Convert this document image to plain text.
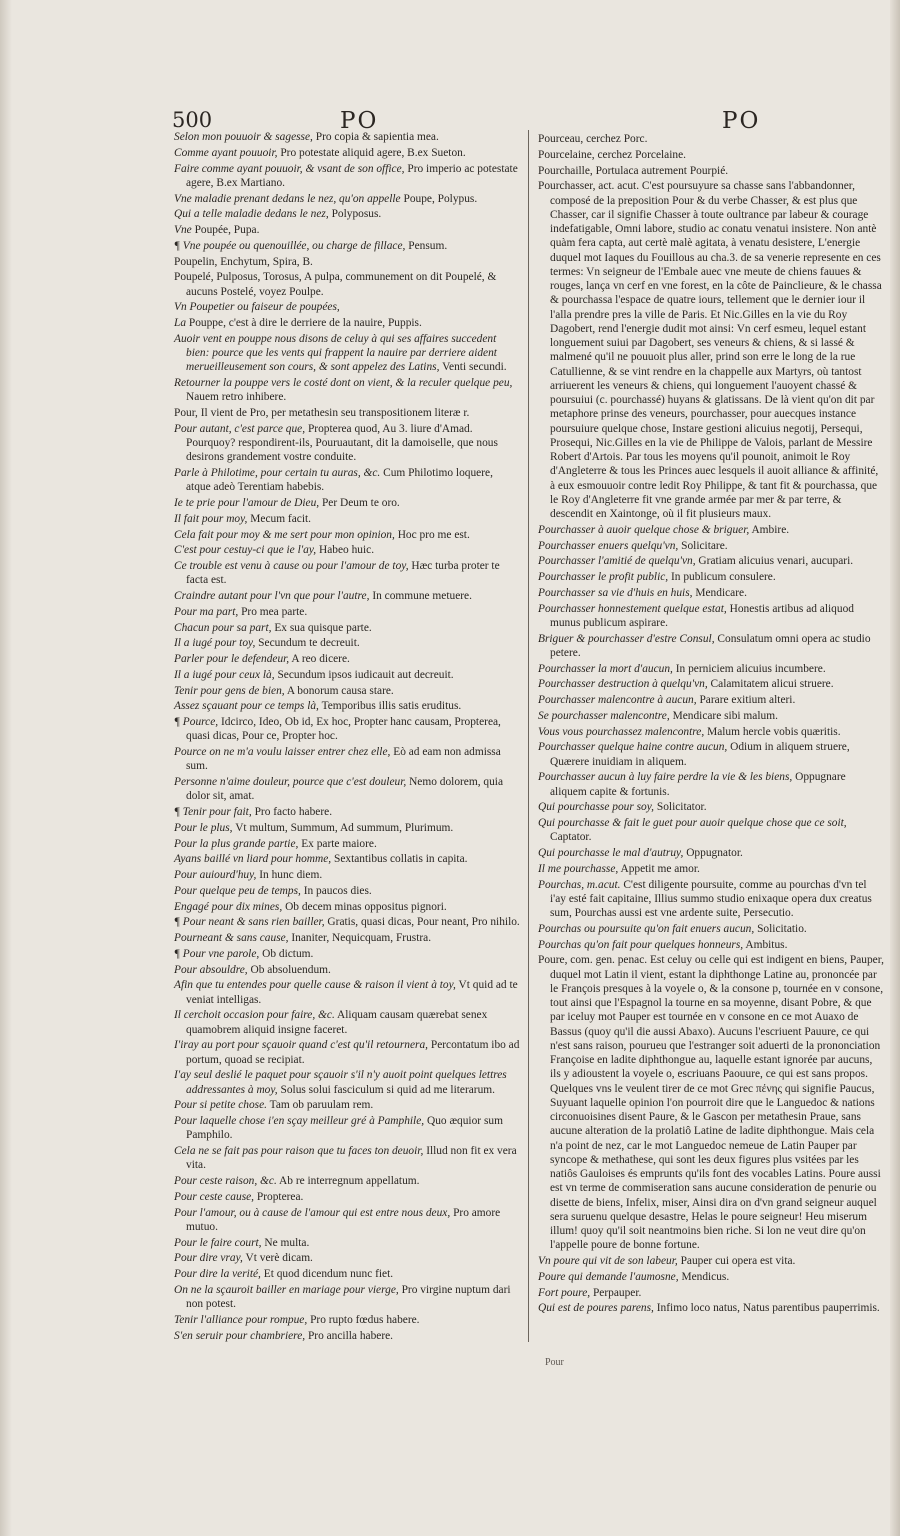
500	PO	PO
Selon mon pouuoir & sagesse, Pro copia & sapientia mea.
Comme ayant pouuoir, Pro potestate aliquid agere, B.ex Sueton.
Faire comme ayant pouuoir, & vsant de son office, Pro imperio ac potestate agere, B.ex Martiano.
Vne maladie prenant dedans le nez, qu'on appelle Poupe, Polypus.
Qui a telle maladie dedans le nez, Polyposus.
Vne Poupée, Pupa.
¶ Vne poupée ou quenouillée, ou charge de fillace, Pensum.
Poupelin, Enchytum, Spira, B.
Poupelé, Pulposus, Torosus, A pulpa, communement on dit Poupelé, & aucuns Postelé, voyez Poulpe.
Vn Poupetier ou faiseur de poupées,
La Pouppe, c'est à dire le derriere de la nauire, Puppis.
Auoir vent en pouppe nous disons de celuy à qui ses affaires succedent bien: pource que les vents qui frappent la nauire par derriere aident merueilleusement son cours, & sont appelez des Latins, Venti secundi.
Retourner la pouppe vers le costé dont on vient, & la reculer quelque peu, Nauem retro inhibere.
Pour, Il vient de Pro, per metathesin seu transpositionem literæ r.
Pour autant, c'est parce que, Propterea quod, Au 3. liure d'Amad. Pourquoy? respondirent-ils, Pouruautant, dit la damoiselle, que nous desirons grandement vostre conduite.
Parle à Philotime, pour certain tu auras, &c. Cum Philotimo loquere, atque adeò Terentiam habebis.
Ie te prie pour l'amour de Dieu, Per Deum te oro.
Il fait pour moy, Mecum facit.
Cela fait pour moy & me sert pour mon opinion, Hoc pro me est.
C'est pour cestuy-ci que ie l'ay, Habeo huic.
Ce trouble est venu à cause ou pour l'amour de toy, Hæc turba proter te facta est.
Craindre autant pour l'vn que pour l'autre, In commune metuere.
Pour ma part, Pro mea parte.
Chacun pour sa part, Ex sua quisque parte.
Il a iugé pour toy, Secundum te decreuit.
Parler pour le defendeur, A reo dicere.
Il a iugé pour ceux là, Secundum ipsos iudicauit aut decreuit.
Tenir pour gens de bien, A bonorum causa stare.
Assez sçauant pour ce temps là, Temporibus illis satis eruditus.
¶ Pource, Idcirco, Ideo, Ob id, Ex hoc, Propter hanc causam, Propterea, quasi dicas, Pour ce, Propter hoc.
Pource on ne m'a voulu laisser entrer chez elle, Eò ad eam non admissa sum.
Personne n'aime douleur, pource que c'est douleur, Nemo dolorem, quia dolor sit, amat.
¶ Tenir pour fait, Pro facto habere.
Pour le plus, Vt multum, Summum, Ad summum, Plurimum.
Pour la plus grande partie, Ex parte maiore.
Ayans baillé vn liard pour homme, Sextantibus collatis in capita.
Pour auiourd'huy, In hunc diem.
Pour quelque peu de temps, In paucos dies.
Engagé pour dix mines, Ob decem minas oppositus pignori.
¶ Pour neant & sans rien bailler, Gratis, quasi dicas, Pour neant, Pro nihilo.
Pourneant & sans cause, Inaniter, Nequicquam, Frustra.
¶ Pour vne parole, Ob dictum.
Pour absouldre, Ob absoluendum.
Afin que tu entendes pour quelle cause & raison il vient à toy, Vt quid ad te veniat intelligas.
Il cerchoit occasion pour faire, &c. Aliquam causam quærebat senex quamobrem aliquid insigne faceret.
I'iray au port pour sçauoir quand c'est qu'il retournera, Percontatum ibo ad portum, quoad se recipiat.
I'ay seul deslié le paquet pour sçauoir s'il n'y auoit point quelques lettres addressantes à moy, Solus solui fasciculum si quid ad me literarum.
Pour si petite chose. Tam ob paruulam rem.
Pour laquelle chose i'en sçay meilleur gré à Pamphile, Quo æquior sum Pamphilo.
Cela ne se fait pas pour raison que tu faces ton deuoir, Illud non fit ex vera vita.
Pour ceste raison, &c. Ab re interregnum appellatum.
Pour ceste cause, Propterea.
Pour l'amour, ou à cause de l'amour qui est entre nous deux, Pro amore mutuo.
Pour le faire court, Ne multa.
Pour dire vray, Vt verè dicam.
Pour dire la verité, Et quod dicendum nunc fiet.
On ne la sçauroit bailler en mariage pour vierge, Pro virgine nuptum dari non potest.
Tenir l'alliance pour rompue, Pro rupto fœdus habere.
S'en seruir pour chambriere, Pro ancilla habere.
Pourceau, cerchez Porc.
Pourcelaine, cerchez Porcelaine.
Pourchaille, Portulaca autrement Pourpié.
Pourchasser, act. acut. C'est poursuyure sa chasse sans l'abbandonner, composé de la preposition Pour & du verbe Chasser, & est plus que Chasser, car il signifie Chasser à toute oultrance par labeur & courage indefatigable, Omni labore, studio ac conatu venatui insistere. Non antè quàm fera capta, aut certè malè agitata, à venatu desistere, L'energie duquel mot Iaques du Fouillous au cha.3. de sa venerie represente en ces termes: Vn seigneur de l'Embale auec vne meute de chiens fauues & rouges, lança vn cerf en vne forest, en la côte de Painclieure, & le chassa & pourchassa l'espace de quatre iours, tellement que le dernier iour il l'alla prendre pres la ville de Paris. Et Nic.Gilles en la vie du Roy Dagobert, rend l'energie dudit mot ainsi: Vn cerf esmeu, lequel estant longuement suiui par Dagobert, ses veneurs & chiens, & si lassé & malmené qu'il ne pouuoit plus aller, prind son erre le long de la rue Catullienne, & se vint rendre en la chappelle aux Martyrs, où tantost arriuerent les veneurs & chiens, qui longuement l'auoyent chassé & poursuiui (c. pourchassé) huyans & glatissans. De là vient qu'on dit par metaphore prinse des veneurs, pourchasser, pour auecques instance poursuiure quelque chose, Instare gestioni alicuius negotij, Persequi, Prosequi, Nic.Gilles en la vie de Philippe de Valois, parlant de Messire Robert d'Artois. Par tous les moyens qu'il pounoit, animoit le Roy d'Angleterre & tous les Princes auec lesquels il auoit alliance & affinité, à eux esmouuoir contre ledit Roy Philippe, & tant fit & pourchassa, que le Roy d'Angleterre fit vne grande armée par mer & par terre, & descendit en Xaintonge, où il fit plusieurs maux.
Pourchasser à auoir quelque chose & briguer, Ambire.
Pourchasser enuers quelqu'vn, Solicitare.
Pourchasser l'amitié de quelqu'vn, Gratiam alicuius venari, aucupari.
Pourchasser le profit public, In publicum consulere.
Pourchasser sa vie d'huis en huis, Mendicare.
Pourchasser honnestement quelque estat, Honestis artibus ad aliquod munus publicum aspirare.
Briguer & pourchasser d'estre Consul, Consulatum omni opera ac studio petere.
Pourchasser la mort d'aucun, In perniciem alicuius incumbere.
Pourchasser destruction à quelqu'vn, Calamitatem alicui struere.
Pourchasser malencontre à aucun, Parare exitium alteri.
Se pourchasser malencontre, Mendicare sibi malum.
Vous vous pourchassez malencontre, Malum hercle vobis quæritis.
Pourchasser quelque haine contre aucun, Odium in aliquem struere, Quærere inuidiam in aliquem.
Pourchasser aucun à luy faire perdre la vie & les biens, Oppugnare aliquem capite & fortunis.
Qui pourchasse pour soy, Solicitator.
Qui pourchasse & fait le guet pour auoir quelque chose que ce soit, Captator.
Qui pourchasse le mal d'autruy, Oppugnator.
Il me pourchasse, Appetit me amor.
Pourchas, m.acut. C'est diligente poursuite, comme au pourchas d'vn tel i'ay esté fait capitaine, Illius summo studio enixaque opera dux creatus sum, Pourchas aussi est vne ardente suite, Persecutio.
Pourchas ou poursuite qu'on fait enuers aucun, Solicitatio.
Pourchas qu'on fait pour quelques honneurs, Ambitus.
Poure, com. gen. penac. Est celuy ou celle qui est indigent en biens, Pauper, duquel mot Latin il vient, estant la diphthonge Latine au, prononcée par le François presques à la voyele o, & la consone p, tournée en v consone, tout ainsi que l'Espagnol la tourne en sa moyenne, disant Pobre, & que par iceluy mot Pauper est tournée en v consone en ce mot Auaxo de Bassus (quoy qu'il die aussi Abaxo). Aucuns l'escriuent Pauure, ce qui n'est sans raison, pourueu que l'estranger soit aduerti de la prononciation Françoise en ladite diphthongue au, laquelle estant ignorée par aucuns, ils y adioustent la voyele o, escriuans Paouure, ce qui est sans propos. Quelques vns le veulent tirer de ce mot Grec πένης qui signifie Paucus, Suyuant laquelle opinion l'on pourroit dire que le Languedoc & nations circonuoisines disent Paure, & le Gascon per metathesin Praue, sans aucune alteration de la prolatiô Latine de ladite diphthongue. Mais cela n'a point de nez, car le mot Languedoc nemeue de Latin Pauper par syncope & methathese, qui sont les deux figures plus vsitées par les natiôs Gauloises és emprunts qu'ils font des vocables Latins. Poure aussi est vn terme de commiseration sans aucune consideration de penurie ou disette de biens, Infelix, miser, Ainsi dira on d'vn grand seigneur auquel sera suruenu quelque desastre, Helas le poure seigneur! Heu miserum illum! quoy qu'il soit neantmoins bien riche. Si lon ne veut dire qu'on l'appelle poure de bonne fortune.
Vn poure qui vit de son labeur, Pauper cui opera est vita.
Poure qui demande l'aumosne, Mendicus.
Fort poure, Perpauper.
Qui est de poures parens, Infimo loco natus, Natus parentibus pauperrimis.
Pour
